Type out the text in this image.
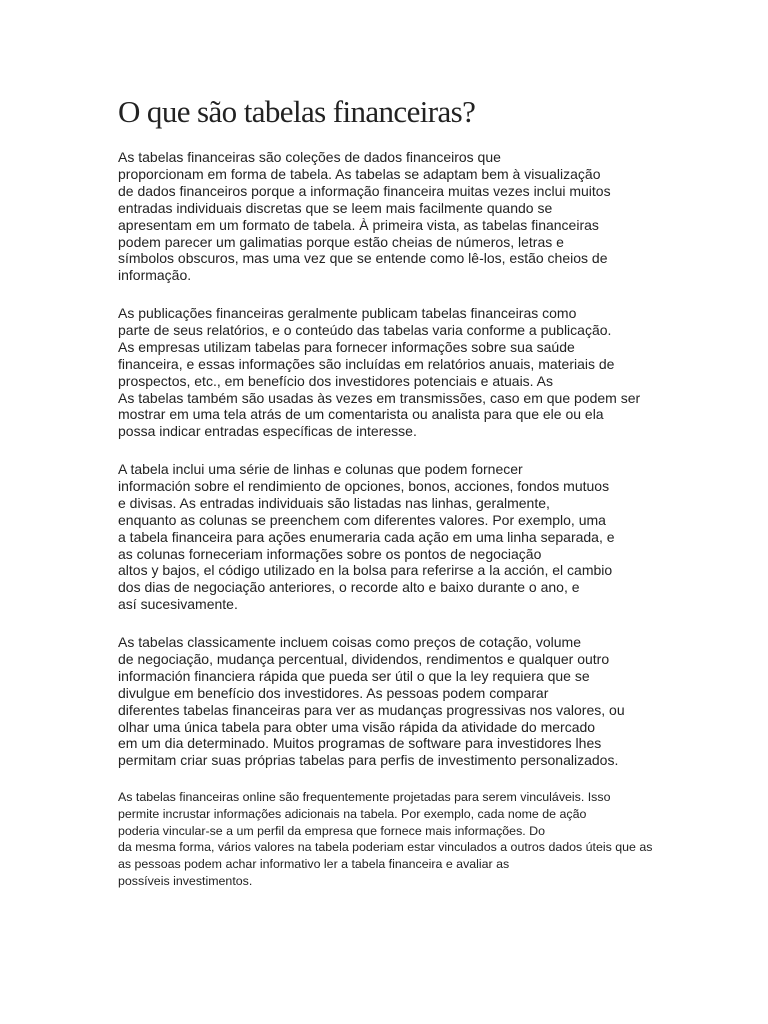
O que são tabelas financeiras?
As tabelas financeiras são coleções de dados financeiros que
proporcionam em forma de tabela. As tabelas se adaptam bem à visualização
de dados financeiros porque a informação financeira muitas vezes inclui muitos
entradas individuais discretas que se leem mais facilmente quando se
apresentam em um formato de tabela. À primeira vista, as tabelas financeiras
podem parecer um galimatias porque estão cheias de números, letras e
símbolos obscuros, mas uma vez que se entende como lê-los, estão cheios de
informação.
As publicações financeiras geralmente publicam tabelas financeiras como
parte de seus relatórios, e o conteúdo das tabelas varia conforme a publicação.
As empresas utilizam tabelas para fornecer informações sobre sua saúde
financeira, e essas informações são incluídas em relatórios anuais, materiais de
prospectos, etc., em benefício dos investidores potenciais e atuais. As
As tabelas também são usadas às vezes em transmissões, caso em que podem ser
mostrar em uma tela atrás de um comentarista ou analista para que ele ou ela
possa indicar entradas específicas de interesse.
A tabela inclui uma série de linhas e colunas que podem fornecer
información sobre el rendimiento de opciones, bonos, acciones, fondos mutuos
e divisas. As entradas individuais são listadas nas linhas, geralmente,
enquanto as colunas se preenchem com diferentes valores. Por exemplo, uma
a tabela financeira para ações enumeraria cada ação em uma linha separada, e
as colunas forneceriam informações sobre os pontos de negociação
altos y bajos, el código utilizado en la bolsa para referirse a la acción, el cambio
dos dias de negociação anteriores, o recorde alto e baixo durante o ano, e
así sucesivamente.
As tabelas classicamente incluem coisas como preços de cotação, volume
de negociação, mudança percentual, dividendos, rendimentos e qualquer outro
información financiera rápida que pueda ser útil o que la ley requiera que se
divulgue em benefício dos investidores. As pessoas podem comparar
diferentes tabelas financeiras para ver as mudanças progressivas nos valores, ou
olhar uma única tabela para obter uma visão rápida da atividade do mercado
em um dia determinado. Muitos programas de software para investidores lhes
permitam criar suas próprias tabelas para perfis de investimento personalizados.
As tabelas financeiras online são frequentemente projetadas para serem vinculáveis. Isso
permite incrustar informações adicionais na tabela. Por exemplo, cada nome de ação
poderia vincular-se a um perfil da empresa que fornece mais informações. Do
da mesma forma, vários valores na tabela poderiam estar vinculados a outros dados úteis que as
as pessoas podem achar informativo ler a tabela financeira e avaliar as
possíveis investimentos.
